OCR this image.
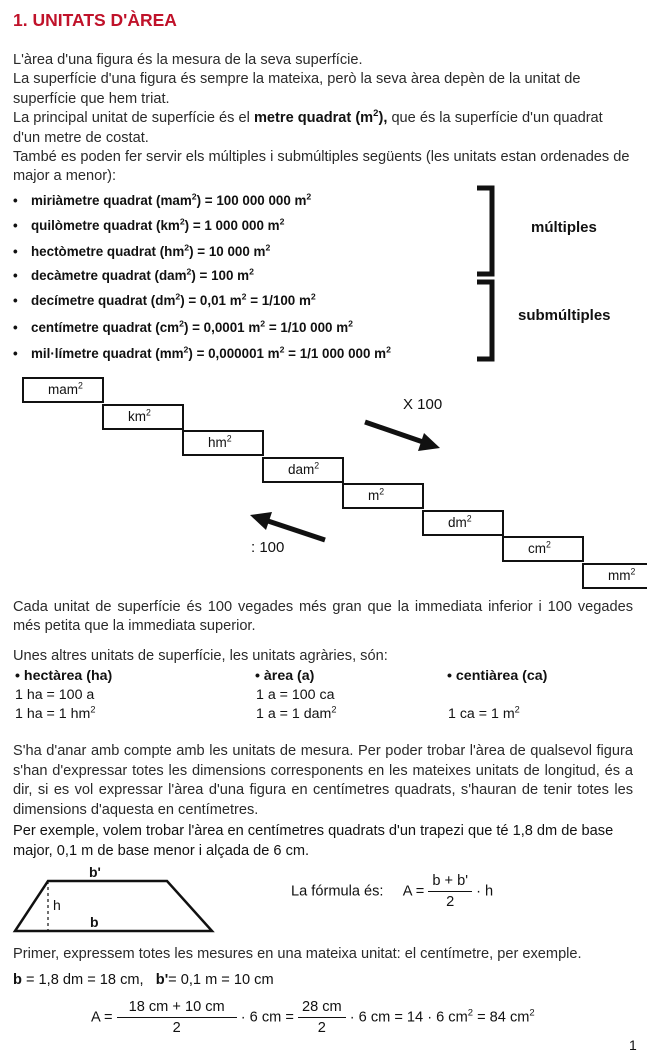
1. UNITATS D'ÀREA

L'àrea d'una figura és la mesura de la seva superfície.

La superfície d'una figura és sempre la mateixa, però la seva àrea depèn de la unitat de superfície que hem triat.

La principal unitat de superfície és el metre quadrat $(m^2)$, que és la superfície d'un quadrat d'un metre de costat.

També es poden fer servir els múltiples i submúltiples següents (les unitats estan ordenades de major a menor):

• miriàmetre quadrat (mam$^2$) = 100 000 000 $m^2$
• quilòmetre quadrat $(km^2) = 1$ 000 000 $m^2$
• hectòmetre quadrat $(hm^2) = 10$ 000 $m^2$
• decàmetre quadrat (dam$^2$) = 100 $m^2$
• decímetre quadrat $(dm^2) = 0,01$ $m^2 = 1/100$ $m^2$
• centímetre quadrat $(cm^2) = 0,0001$ $m^2 = 1/10$ 000 $m^2$
• mil·límetre quadrat $(mm^2) = 0,000001$ $m^2 = 1/1$ 000 000 $m^2$
múltiples
submúltiples
mam$^2$
$km^2$
$hm^2$
dam$^2$
$m^2$
$dm^2$
$cm^2$
$mm^2$
X 100
: 100
Cada unitat de superfície és 100 vegades més gran que la immediata inferior i 100 vegades més petita que la immediata superior.
Unes altres unitats de superfície, les unitats agràries, són:
• hectàrea (ha)
1 ha = 100 a
1 ha = 1 $hm^2$
• àrea (a)
1 a = 100 ca
1 a = 1 dam$^2$
• centiàrea (ca)
1 ca = 1 $m^2$
S'ha d'anar amb compte amb les unitats de mesura. Per poder trobar l'àrea de qualsevol figura s'han d'expressar totes les dimensions corresponents en les mateixes unitats de longitud, és a dir, si es vol expressar l'àrea d'una figura en centímetres quadrats, s'hauran de tenir totes les dimensions d'aquesta en centímetres.
Per exemple, volem trobar l'àrea en centímetres quadrats d'un trapezi que té 1,8 dm de base major, 0,1 m de base menor i alçada de 6 cm.
b'
h
b
La fórmula és: $A = \frac{b + b'}{2} \cdot h$
Primer, expressem totes les mesures en una mateixa unitat: el centímetre, per exemple.
b = 1,8 dm = 18 cm, b'= 0,1 m = 10 cm
$A = \frac{18 cm + 10 cm}{2} \cdot 6$ cm = $\frac{28 cm}{2} \cdot 6$ cm = 14 · 6 $cm^2 = 84$ $cm^2$
1
